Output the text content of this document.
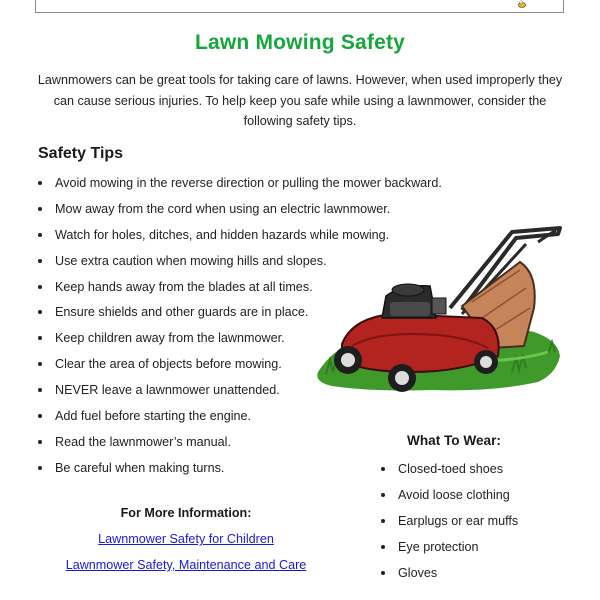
Lawn Mowing Safety

Lawnmowers can be great tools for taking care of lawns. However, when used improperly they can cause serious injuries. To help keep you safe while using a lawnmower, consider the following safety tips.

Safety Tips
Avoid mowing in the reverse direction or pulling the mower backward.
Mow away from the cord when using an electric lawnmower.
Watch for holes, ditches, and hidden hazards while mowing.
Use extra caution when mowing hills and slopes.
Keep hands away from the blades at all times.
Ensure shields and other guards are in place.
Keep children away from the lawnmower.
Clear the area of objects before mowing.
NEVER leave a lawnmower unattended.
Add fuel before starting the engine.
Read the lawnmower’s manual.
Be careful when making turns.
What To Wear:
Closed-toed shoes
Avoid loose clothing
Earplugs or ear muffs
Eye protection
Gloves
For More Information:
Lawnmower Safety for Children
Lawnmower Safety, Maintenance and Care
